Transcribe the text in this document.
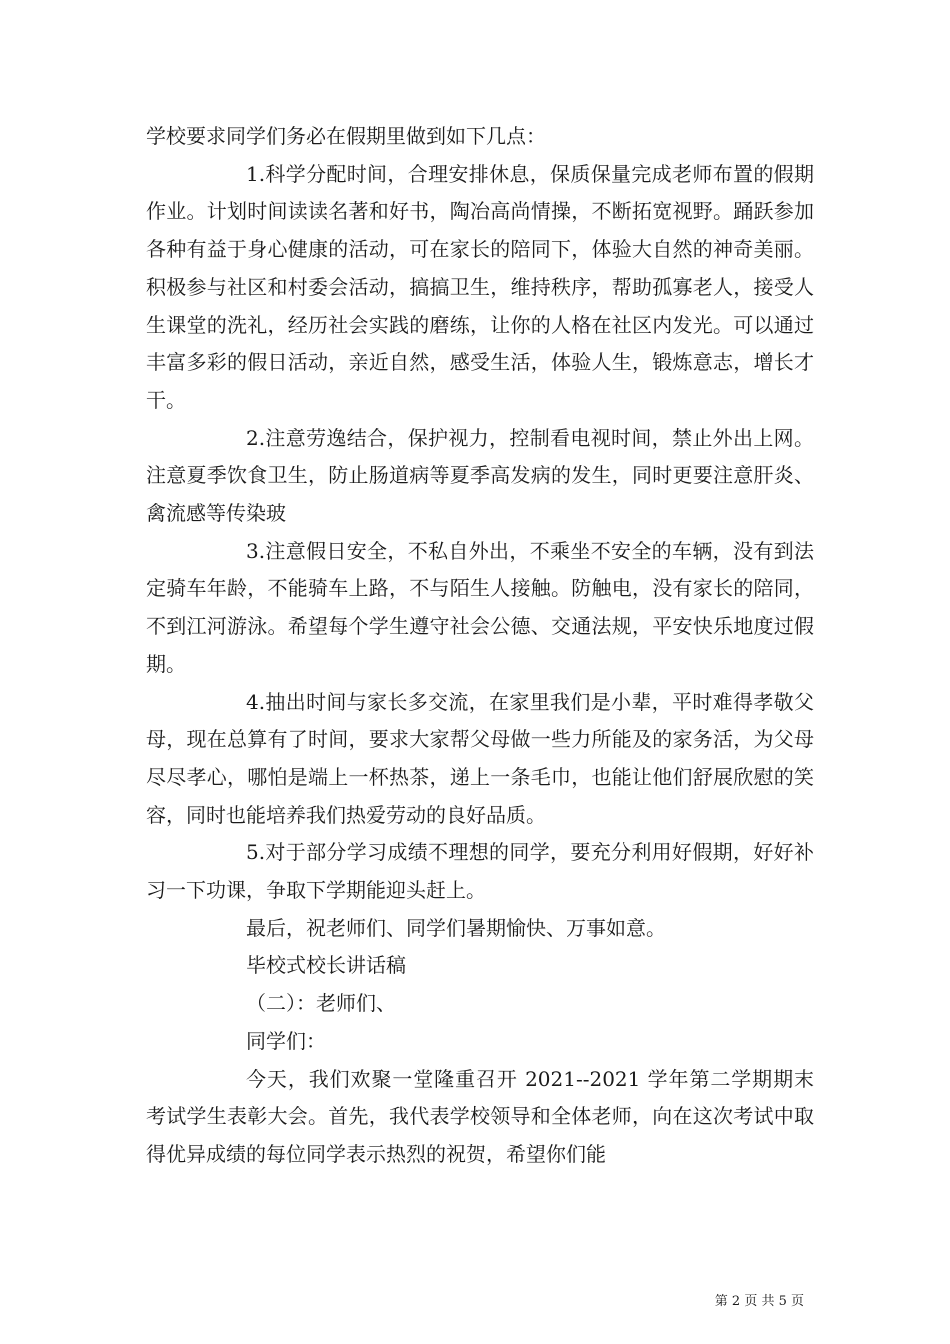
学校要求同学们务必在假期里做到如下几点：

1.科学分配时间，合理安排休息，保质保量完成老师布置的假期作业。计划时间读读名著和好书，陶冶高尚情操，不断拓宽视野。踊跃参加各种有益于身心健康的活动，可在家长的陪同下，体验大自然的神奇美丽。积极参与社区和村委会活动，搞搞卫生，维持秩序，帮助孤寡老人，接受人生课堂的洗礼，经历社会实践的磨练，让你的人格在社区内发光。可以通过丰富多彩的假日活动，亲近自然，感受生活，体验人生，锻炼意志，增长才干。

2.注意劳逸结合，保护视力，控制看电视时间，禁止外出上网。注意夏季饮食卫生，防止肠道病等夏季高发病的发生，同时更要注意肝炎、禽流感等传染玻

3.注意假日安全，不私自外出，不乘坐不安全的车辆，没有到法定骑车年龄，不能骑车上路，不与陌生人接触。防触电，没有家长的陪同，不到江河游泳。希望每个学生遵守社会公德、交通法规，平安快乐地度过假期。

4.抽出时间与家长多交流，在家里我们是小辈，平时难得孝敬父母，现在总算有了时间，要求大家帮父母做一些力所能及的家务活，为父母尽尽孝心，哪怕是端上一杯热茶，递上一条毛巾，也能让他们舒展欣慰的笑容，同时也能培养我们热爱劳动的良好品质。

5.对于部分学习成绩不理想的同学，要充分利用好假期，好好补习一下功课，争取下学期能迎头赶上。

最后，祝老师们、同学们暑期愉快、万事如意。

毕校式校长讲话稿

（二）：老师们、

同学们：

今天，我们欢聚一堂隆重召开 2021--2021 学年第二学期期末考试学生表彰大会。首先，我代表学校领导和全体老师，向在这次考试中取得优异成绩的每位同学表示热烈的祝贺，希望你们能

第 2 页 共 5 页
